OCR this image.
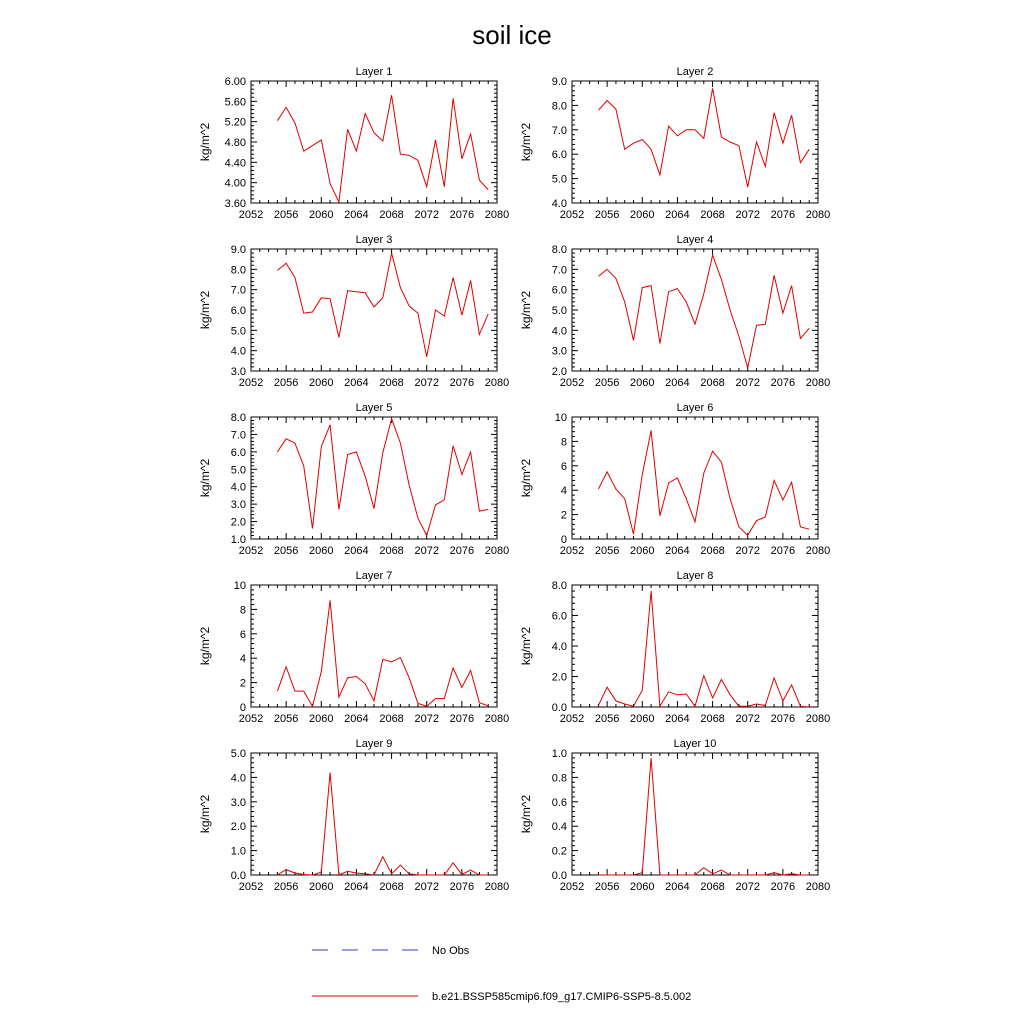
soil ice
Layer 1
kg/m^2
3.60
4.00
4.40
4.80
5.20
5.60
6.00
2052 2056 2060 2064 2068 2072 2076 2080
Layer 2
kg/m^2
4.0
5.0
6.0
7.0
8.0
9.0
2052 2056 2060 2064 2068 2072 2076 2080
Layer 3
kg/m^2
3.0
4.0
5.0
6.0
7.0
8.0
9.0
2052 2056 2060 2064 2068 2072 2076 2080
Layer 4
kg/m^2
2.0
3.0
4.0
5.0
6.0
7.0
8.0
2052 2056 2060 2064 2068 2072 2076 2080
Layer 5
kg/m^2
1.0
2.0
3.0
4.0
5.0
6.0
7.0
8.0
2052 2056 2060 2064 2068 2072 2076 2080
Layer 6
kg/m^2
0
2
4
6
8
10
2052 2056 2060 2064 2068 2072 2076 2080
Layer 7
kg/m^2
0
2
4
6
8
10
2052 2056 2060 2064 2068 2072 2076 2080
Layer 8
kg/m^2
0.0
2.0
4.0
6.0
8.0
2052 2056 2060 2064 2068 2072 2076 2080
Layer 9
kg/m^2
0.0
1.0
2.0
3.0
4.0
5.0
2052 2056 2060 2064 2068 2072 2076 2080
Layer 10
kg/m^2
0.0
0.2
0.4
0.6
0.8
1.0
2052 2056 2060 2064 2068 2072 2076 2080
No Obs
b.e21.BSSP585cmip6.f09_g17.CMIP6-SSP5-8.5.002
